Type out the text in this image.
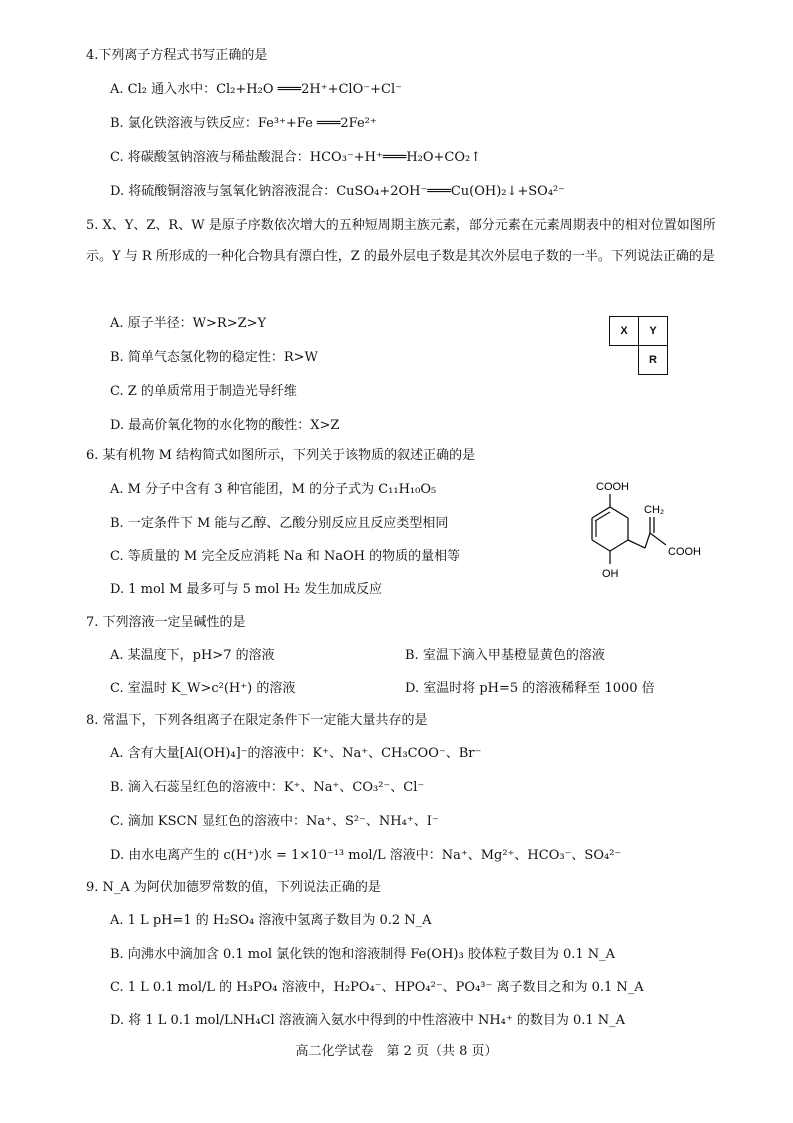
4.下列离子方程式书写正确的是
A. Cl₂ 通入水中：Cl₂+H₂O ═══2H⁺+ClO⁻+Cl⁻
B. 氯化铁溶液与铁反应：Fe³⁺+Fe ═══2Fe²⁺
C. 将碳酸氢钠溶液与稀盐酸混合：HCO₃⁻+H⁺═══H₂O+CO₂↑
D. 将硫酸铜溶液与氢氧化钠溶液混合：CuSO₄+2OH⁻═══Cu(OH)₂↓+SO₄²⁻
5. X、Y、Z、R、W 是原子序数依次增大的五种短周期主族元素，部分元素在元素周期表中的相对位置如图所示。Y 与 R 所形成的一种化合物具有漂白性，Z 的最外层电子数是其次外层电子数的一半。下列说法正确的是
A. 原子半径：W>R>Z>Y
B. 简单气态氢化物的稳定性：R>W
C. Z 的单质常用于制造光导纤维
D. 最高价氧化物的水化物的酸性：X>Z
X	Y
R
6. 某有机物 M 结构简式如图所示，下列关于该物质的叙述正确的是
A. M 分子中含有 3 种官能团，M 的分子式为 C₁₁H₁₀O₅
B. 一定条件下 M 能与乙醇、乙酸分别反应且反应类型相同
C. 等质量的 M 完全反应消耗 Na 和 NaOH 的物质的量相等
D. 1 mol M 最多可与 5 mol H₂ 发生加成反应
COOH
OH
CH₂
COOH
7. 下列溶液一定呈碱性的是
A. 某温度下，pH>7 的溶液	B. 室温下滴入甲基橙显黄色的溶液
C. 室温时 K_W>c²(H⁺) 的溶液	D. 室温时将 pH=5 的溶液稀释至 1000 倍
8. 常温下，下列各组离子在限定条件下一定能大量共存的是
A. 含有大量[Al(OH)₄]⁻的溶液中：K⁺、Na⁺、CH₃COO⁻、Br⁻
B. 滴入石蕊呈红色的溶液中：K⁺、Na⁺、CO₃²⁻、Cl⁻
C. 滴加 KSCN 显红色的溶液中：Na⁺、S²⁻、NH₄⁺、I⁻
D. 由水电离产生的 c(H⁺)水 = 1×10⁻¹³ mol/L 溶液中：Na⁺、Mg²⁺、HCO₃⁻、SO₄²⁻
9. N_A 为阿伏加德罗常数的值，下列说法正确的是
A. 1 L pH=1 的 H₂SO₄ 溶液中氢离子数目为 0.2 N_A
B. 向沸水中滴加含 0.1 mol 氯化铁的饱和溶液制得 Fe(OH)₃ 胶体粒子数目为 0.1 N_A
C. 1 L 0.1 mol/L 的 H₃PO₄ 溶液中，H₂PO₄⁻、HPO₄²⁻、PO₄³⁻ 离子数目之和为 0.1 N_A
D. 将 1 L 0.1 mol/LNH₄Cl 溶液滴入氨水中得到的中性溶液中 NH₄⁺ 的数目为 0.1 N_A
高二化学试卷　第 2 页（共 8 页）
